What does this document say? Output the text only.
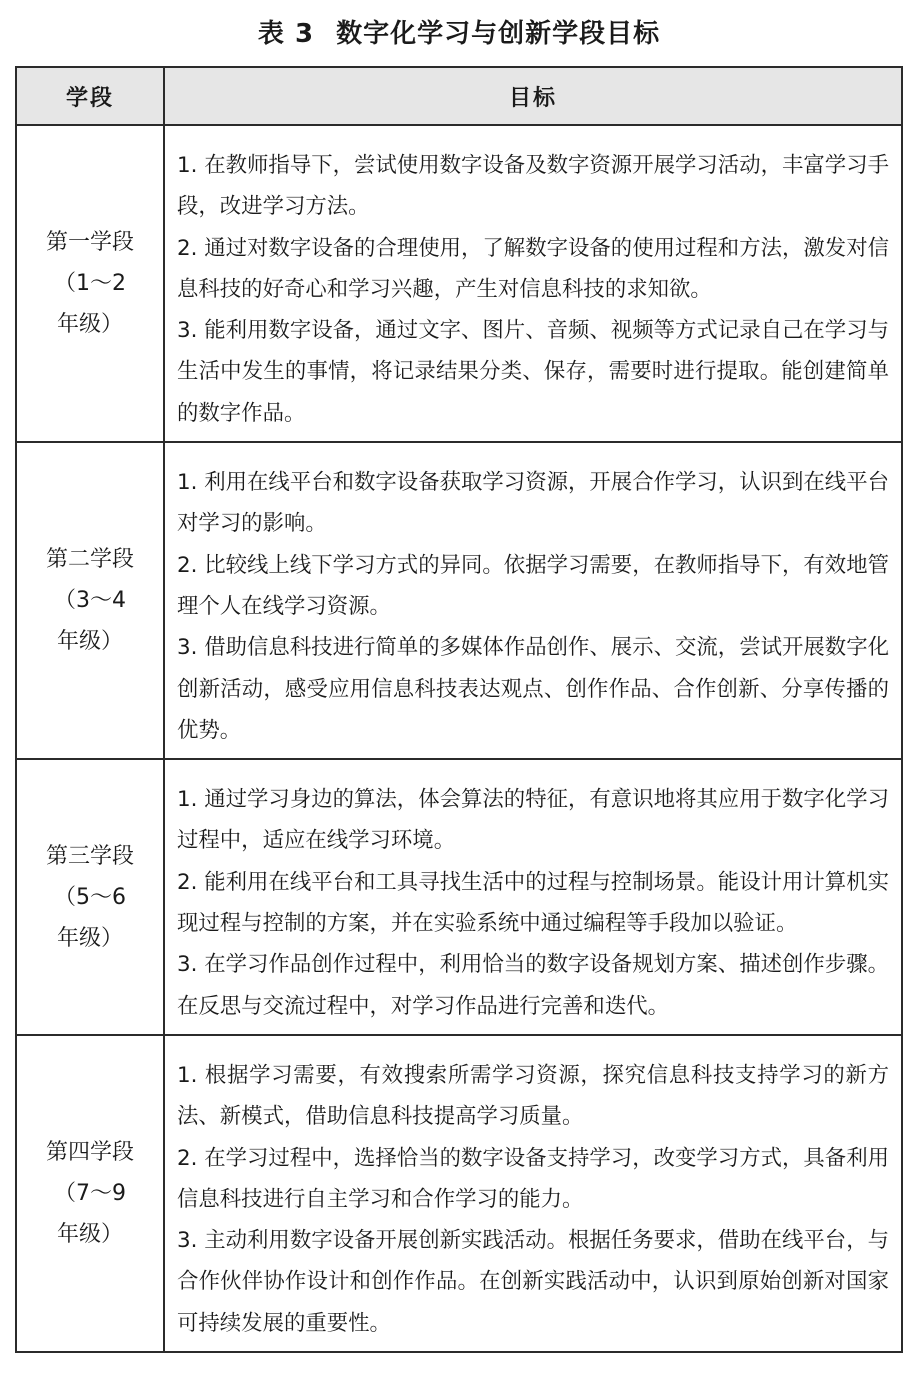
表 3 数字化学习与创新学段目标
学段	目标

第一学段
（1～2
年级）	1. 在教师指导下，尝试使用数字设备及数字资源开展学习活动，丰富学习手段，改进学习方法。
2. 通过对数字设备的合理使用，了解数字设备的使用过程和方法，激发对信息科技的好奇心和学习兴趣，产生对信息科技的求知欲。
3. 能利用数字设备，通过文字、图片、音频、视频等方式记录自己在学习与生活中发生的事情，将记录结果分类、保存，需要时进行提取。能创建简单的数字作品。

第二学段
（3～4
年级）	1. 利用在线平台和数字设备获取学习资源，开展合作学习，认识到在线平台对学习的影响。
2. 比较线上线下学习方式的异同。依据学习需要，在教师指导下，有效地管理个人在线学习资源。
3. 借助信息科技进行简单的多媒体作品创作、展示、交流，尝试开展数字化创新活动，感受应用信息科技表达观点、创作作品、合作创新、分享传播的优势。

第三学段
（5～6
年级）	1. 通过学习身边的算法，体会算法的特征，有意识地将其应用于数字化学习过程中，适应在线学习环境。
2. 能利用在线平台和工具寻找生活中的过程与控制场景。能设计用计算机实现过程与控制的方案，并在实验系统中通过编程等手段加以验证。
3. 在学习作品创作过程中，利用恰当的数字设备规划方案、描述创作步骤。在反思与交流过程中，对学习作品进行完善和迭代。

第四学段
（7～9
年级）	1. 根据学习需要，有效搜索所需学习资源，探究信息科技支持学习的新方法、新模式，借助信息科技提高学习质量。
2. 在学习过程中，选择恰当的数字设备支持学习，改变学习方式，具备利用信息科技进行自主学习和合作学习的能力。
3. 主动利用数字设备开展创新实践活动。根据任务要求，借助在线平台，与合作伙伴协作设计和创作作品。在创新实践活动中，认识到原始创新对国家可持续发展的重要性。
